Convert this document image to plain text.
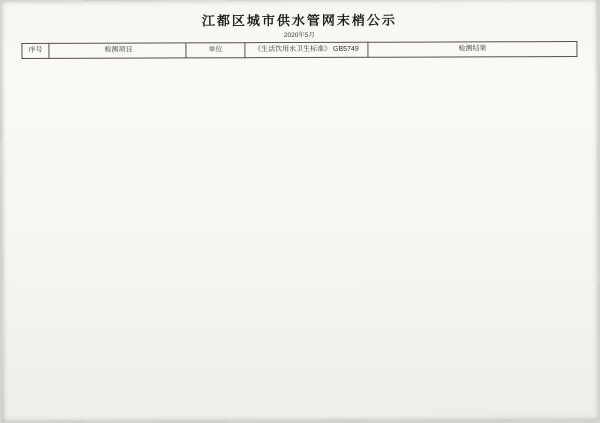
江都区城市供水管网末梢公示
2020年5月
序号	检测项目	单位	《生活饮用水卫生标准》 GB5749	检测结果
